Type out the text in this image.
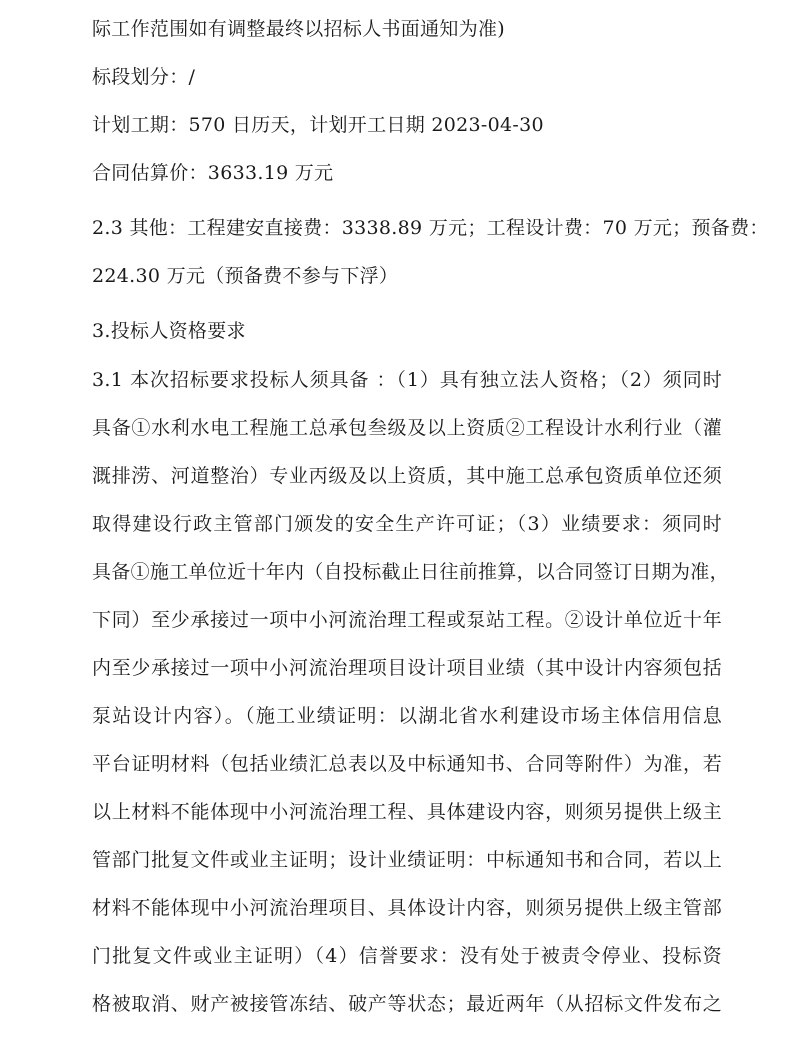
际工作范围如有调整最终以招标人书面通知为准)
标段划分：/
计划工期：570 日历天，计划开工日期 2023-04-30
合同估算价：3633.19 万元
2.3 其他：工程建安直接费：3338.89 万元；工程设计费：70 万元；预备费：
224.30 万元（预备费不参与下浮）
3.投标人资格要求
3.1 本次招标要求投标人须具备 ：（1）具有独立法人资格；（2）须同时
具备①水利水电工程施工总承包叁级及以上资质②工程设计水利行业（灌
溉排涝、河道整治）专业丙级及以上资质，其中施工总承包资质单位还须
取得建设行政主管部门颁发的安全生产许可证；（3）业绩要求：须同时
具备①施工单位近十年内（自投标截止日往前推算，以合同签订日期为准，
下同）至少承接过一项中小河流治理工程或泵站工程。②设计单位近十年
内至少承接过一项中小河流治理项目设计项目业绩（其中设计内容须包括
泵站设计内容）。（施工业绩证明：以湖北省水利建设市场主体信用信息
平台证明材料（包括业绩汇总表以及中标通知书、合同等附件）为准，若
以上材料不能体现中小河流治理工程、具体建设内容，则须另提供上级主
管部门批复文件或业主证明；设计业绩证明：中标通知书和合同，若以上
材料不能体现中小河流治理项目、具体设计内容，则须另提供上级主管部
门批复文件或业主证明）（4）信誉要求：没有处于被责令停业、投标资
格被取消、财产被接管冻结、破产等状态；最近两年（从招标文件发布之
